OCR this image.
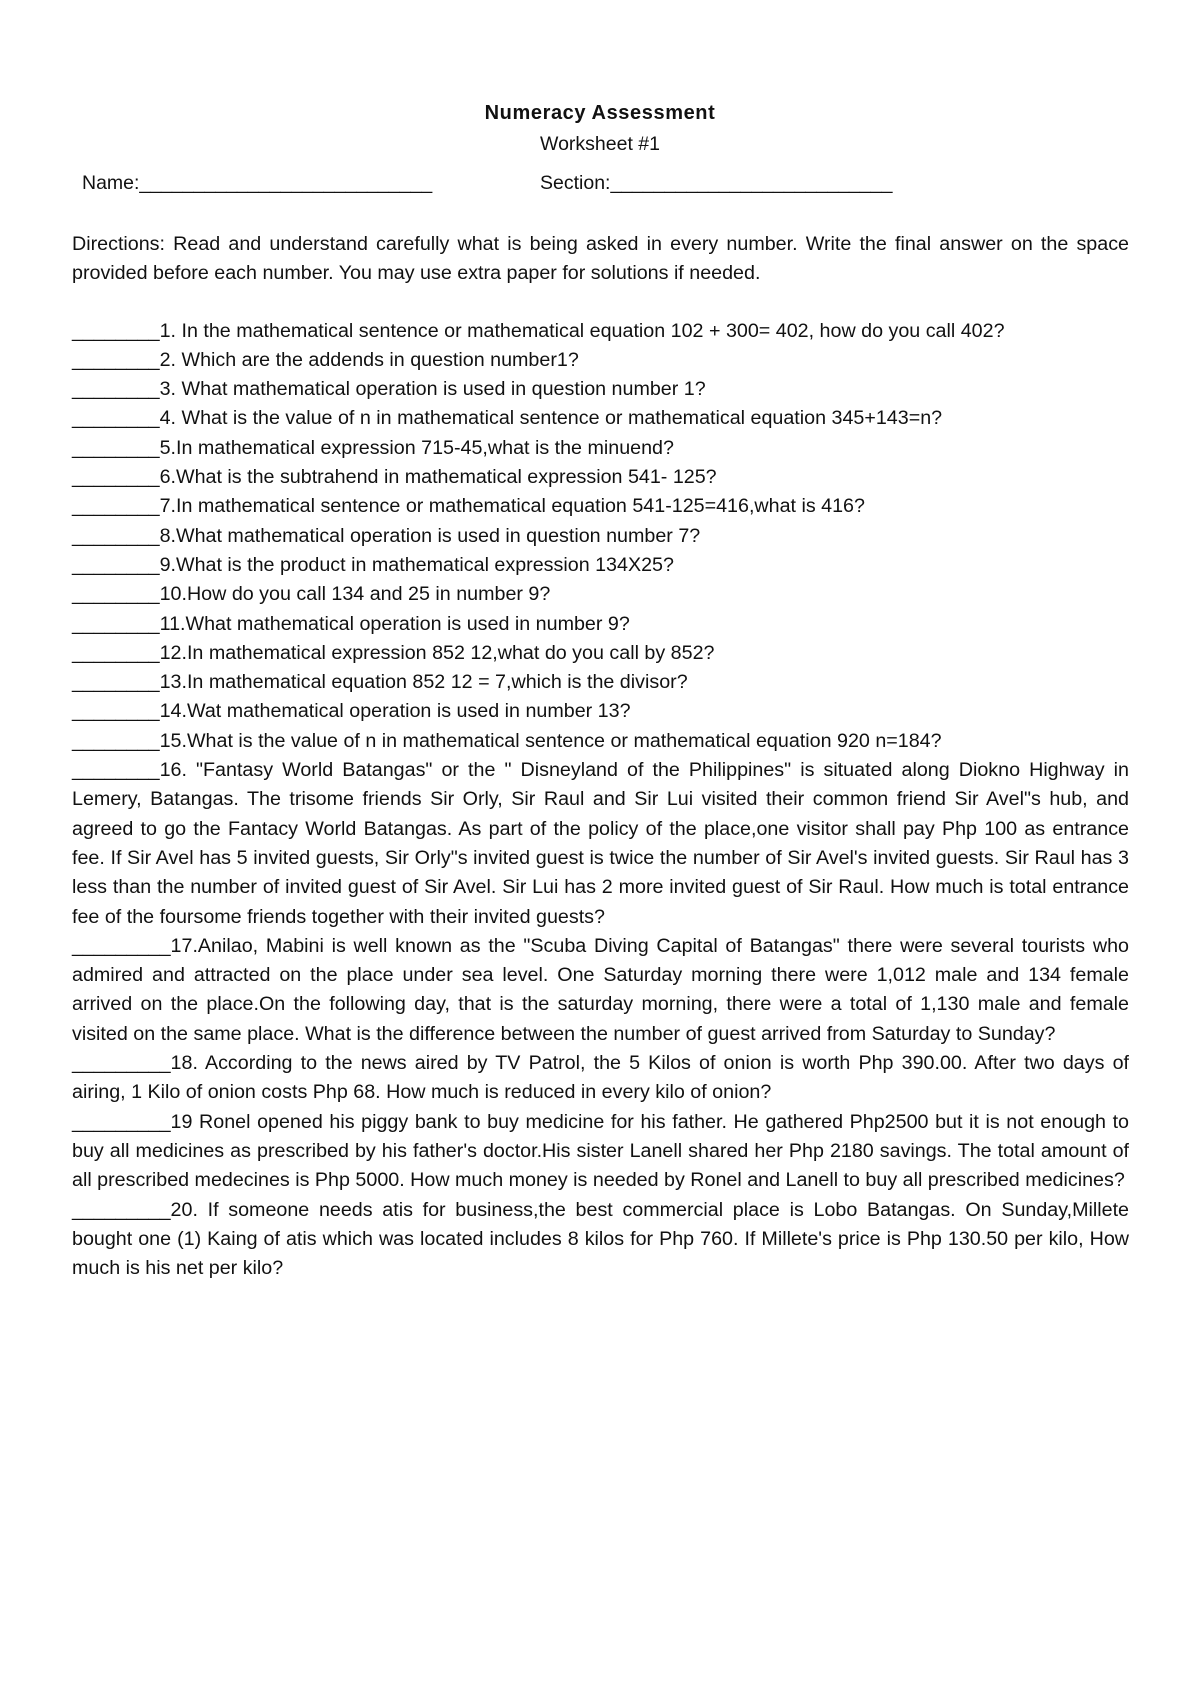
Numeracy Assessment
Worksheet #1
Name:___________________________	Section:__________________________

Directions: Read and understand carefully what is being asked in every number. Write the final answer on the space provided before each number. You may use extra paper for solutions if needed.

________1. In the mathematical sentence or mathematical equation 102 + 300= 402, how do you call 402?

________2. Which are the addends in question number1?

________3. What mathematical operation is used in question number 1?

________4. What is the value of n in mathematical sentence or mathematical equation 345+143=n?

________5.In mathematical expression 715-45,what is the minuend?

________6.What is the subtrahend in mathematical expression 541- 125?

________7.In mathematical sentence or mathematical equation 541-125=416,what is 416?

________8.What mathematical operation is used in question number 7?

________9.What is the product in mathematical expression 134X25?

________10.How do you call 134 and 25 in number 9?

________11.What mathematical operation is used in number 9?

________12.In mathematical expression 852 12,what do you call by 852?

________13.In mathematical equation 852 12 = 7,which is the divisor?

________14.Wat mathematical operation is used in number 13?

________15.What is the value of n in mathematical sentence or mathematical equation 920 n=184?

________16. "Fantasy World Batangas" or the " Disneyland of the Philippines" is situated along Diokno Highway in Lemery, Batangas. The trisome friends Sir Orly, Sir Raul and Sir Lui visited their common friend Sir Avel"s hub, and agreed to go the Fantacy World Batangas. As part of the policy of the place,one visitor shall pay Php 100 as entrance fee. If Sir Avel has 5 invited guests, Sir Orly"s invited guest is twice the number of Sir Avel's invited guests. Sir Raul has 3 less than the number of invited guest of Sir Avel. Sir Lui has 2 more invited guest of Sir Raul. How much is total entrance fee of the foursome friends together with their invited guests?

_________17.Anilao, Mabini is well known as the "Scuba Diving Capital of Batangas" there were several tourists who admired and attracted on the place under sea level. One Saturday morning there were 1,012 male and 134 female arrived on the place.On the following day, that is the saturday morning, there were a total of 1,130 male and female visited on the same place. What is the difference between the number of guest arrived from Saturday to Sunday?

_________18. According to the news aired by TV Patrol, the 5 Kilos of onion is worth Php 390.00. After two days of airing, 1 Kilo of onion costs Php 68. How much is reduced in every kilo of onion?

_________19 Ronel opened his piggy bank to buy medicine for his father. He gathered Php2500 but it is not enough to buy all medicines as prescribed by his father's doctor.His sister Lanell shared her Php 2180 savings. The total amount of all prescribed medecines is Php 5000. How much money is needed by Ronel and Lanell to buy all prescribed medicines?

_________20. If someone needs atis for business,the best commercial place is Lobo Batangas. On Sunday,Millete bought one (1) Kaing of atis which was located includes 8 kilos for Php 760. If Millete's price is Php 130.50 per kilo, How much is his net per kilo?
